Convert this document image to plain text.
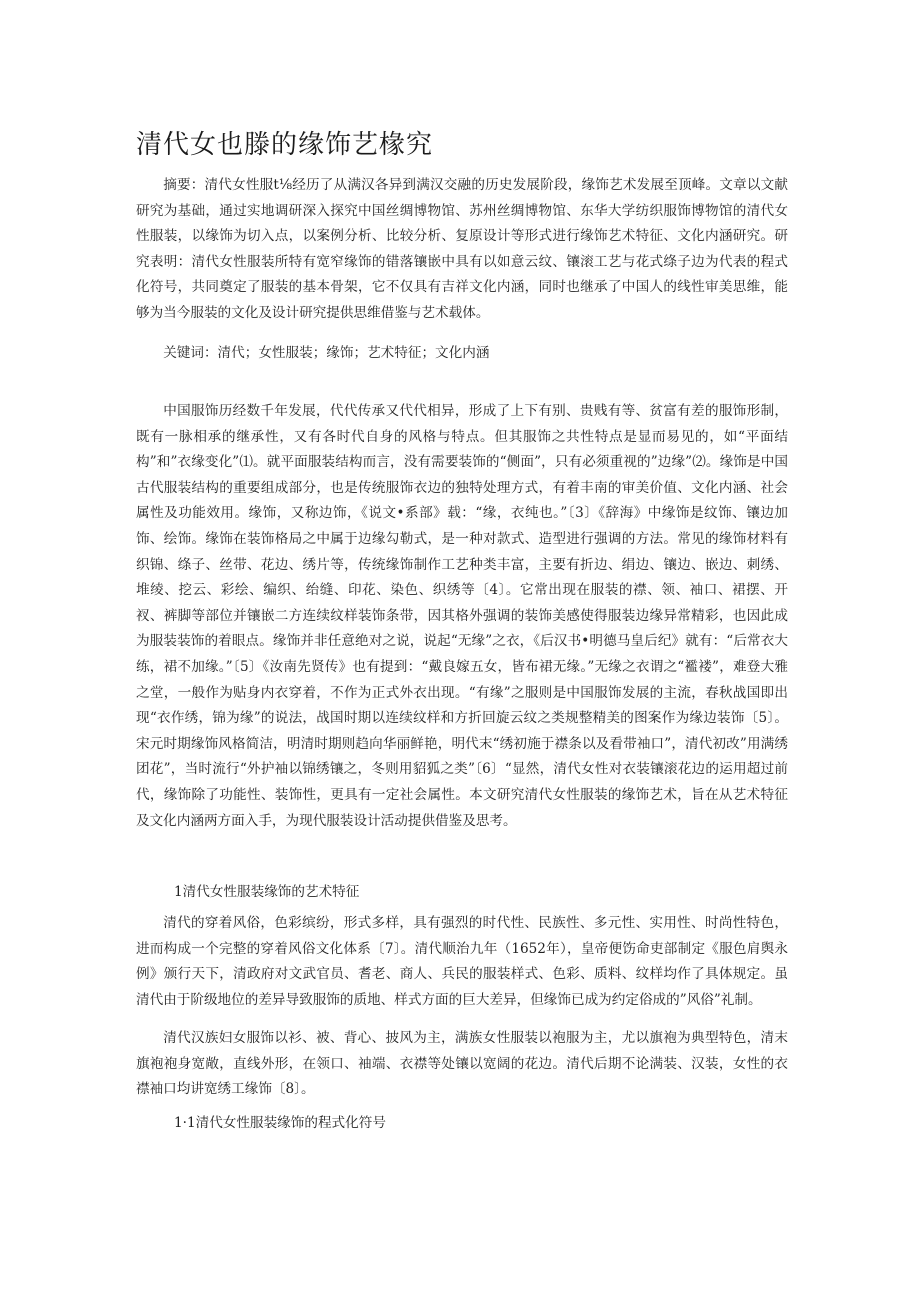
清代女也滕的缘饰艺椽究

摘要：清代女性服t⅛经历了从满汉各异到满汉交融的历史发展阶段，缘饰艺术发展至顶峰。文章以文献研究为基础，通过实地调研深入探究中国丝绸博物馆、苏州丝绸博物馆、东华大学纺织服饰博物馆的清代女性服装，以缘饰为切入点，以案例分析、比较分析、复原设计等形式进行缘饰艺术特征、文化内涵研究。研究表明：清代女性服装所特有宽窄缘饰的错落镶嵌中具有以如意云纹、镶滚工艺与花式绦子边为代表的程式化符号，共同奠定了服装的基本骨架，它不仅具有吉祥文化内涵，同时也继承了中国人的线性审美思维，能够为当今服装的文化及设计研究提供思维借鉴与艺术载体。

关键词：清代；女性服装；缘饰；艺术特征；文化内涵

中国服饰历经数千年发展，代代传承又代代相异，形成了上下有别、贵贱有等、贫富有差的服饰形制，既有一脉相承的继承性，又有各时代自身的风格与特点。但其服饰之共性特点是显而易见的，如“平面结构”和”衣缘变化”⑴。就平面服装结构而言，没有需要装饰的“侧面”，只有必须重视的”边缘”⑵。缘饰是中国古代服装结构的重要组成部分，也是传统服饰衣边的独特处理方式，有着丰南的审美价值、文化内涵、社会属性及功能效用。缘饰，又称边饰，《说文•系部》载：“缘，衣纯也。”〔3〕《辞海》中缘饰是纹饰、镶边加饰、绘饰。缘饰在装饰格局之中属于边缘勾勒式，是一种对款式、造型进行强调的方法。常见的缘饰材料有织锦、绦子、丝带、花边、绣片等，传统缘饰制作工艺种类丰富，主要有折边、绢边、镶边、嵌边、刺绣、堆绫、挖云、彩绘、编织、绐缝、印花、染色、织绣等〔4〕。它常出现在服装的襟、领、袖口、裙摆、开衩、裤脚等部位并镶嵌二方连续纹样装饰条带，因其格外强调的装饰美感使得服装边缘异常精彩，也因此成为服装装饰的着眼点。缘饰并非任意绝对之说，说起“无缘”之衣，《后汉书•明德马皇后纪》就有：“后常衣大练，裙不加缘。”〔5〕《汝南先贤传》也有提到：“戴良嫁五女，皆布裙无缘。”无缘之衣谓之“襤褛”，难登大雅之堂，一般作为贴身内衣穿着，不作为正式外衣出现。“有缘”之服则是中国服饰发展的主流，春秋战国即出现“衣作绣，锦为缘”的说法，战国时期以连续纹样和方折回旋云纹之类规整精美的图案作为缘边装饰〔5〕。宋元时期缘饰风格简洁，明清时期则趋向华丽鲜艳，明代末“绣初施于襟条以及看带袖口”，清代初改”用满绣团花”，当时流行“外护袖以锦绣镶之，冬则用貂狐之类”〔6〕“显然，清代女性对衣装镶滚花边的运用超过前代，缘饰除了功能性、装饰性，更具有一定社会属性。本文研究清代女性服装的缘饰艺术，旨在从艺术特征及文化内涵两方面入手，为现代服装设计活动提供借鉴及思考。

1清代女性服装缘饰的艺术特征

清代的穿着风俗，色彩缤纷，形式多样，具有强烈的时代性、民族性、多元性、实用性、时尚性特色，进而构成一个完整的穿着风俗文化体系〔7〕。清代顺治九年（1652年），皇帝便饬命吏部制定《服色肩舆永例》颁行天下，清政府对文武官员、耆老、商人、兵民的服装样式、色彩、质料、纹样均作了具体规定。虽清代由于阶级地位的差异导致服饰的质地、样式方面的巨大差异，但缘饰已成为约定俗成的”风俗”礼制。

清代汉族妇女服饰以衫、被、背心、披风为主，满族女性服装以袍服为主，尤以旗袍为典型特色，清末旗袍袍身宽敞，直线外形，在领口、袖端、衣襟等处镶以宽阔的花边。清代后期不论满装、汉装，女性的衣襟袖口均讲宽绣工缘饰〔8〕。

1·1清代女性服装缘饰的程式化符号
